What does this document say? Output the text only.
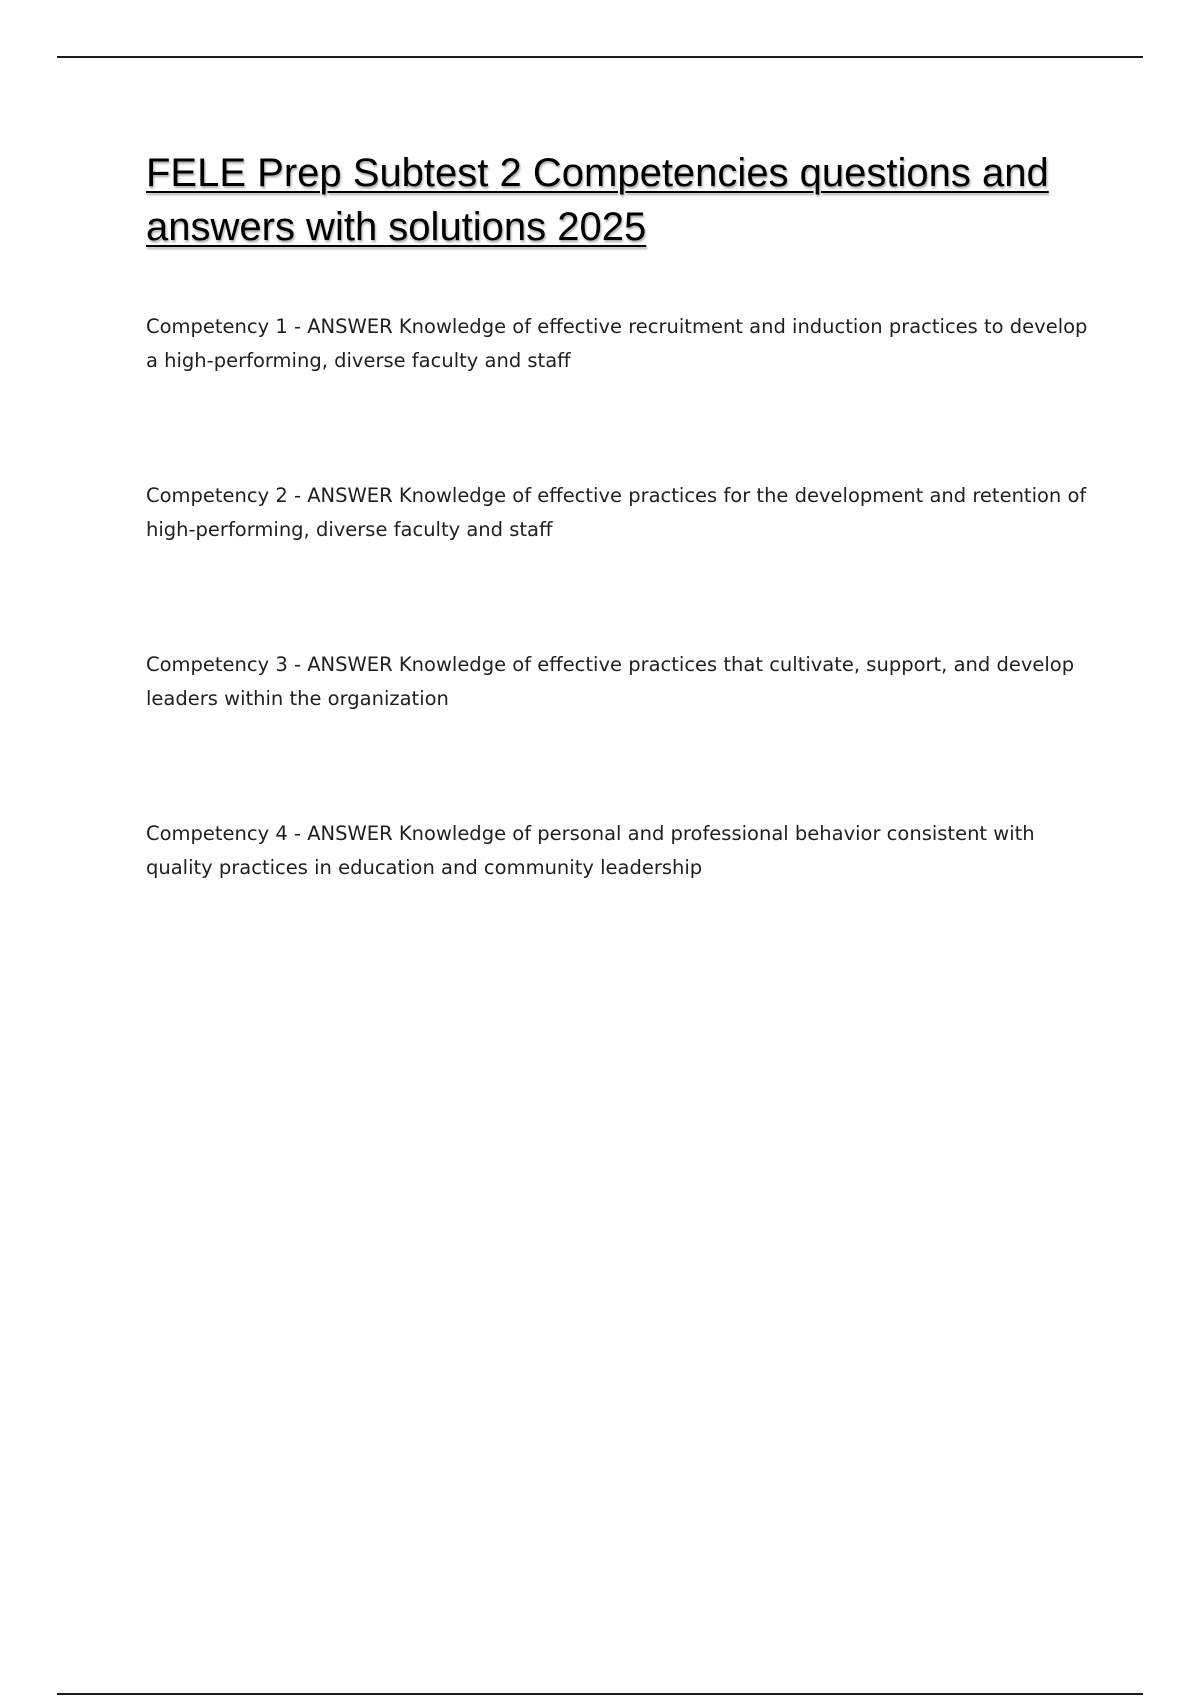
FELE Prep Subtest 2 Competencies questions and answers with solutions 2025

Competency 1 - ANSWER Knowledge of effective recruitment and induction practices to develop a high-performing, diverse faculty and staff

Competency 2 - ANSWER Knowledge of effective practices for the development and retention of high-performing, diverse faculty and staff

Competency 3 - ANSWER Knowledge of effective practices that cultivate, support, and develop leaders within the organization

Competency 4 - ANSWER Knowledge of personal and professional behavior consistent with quality practices in education and community leadership
